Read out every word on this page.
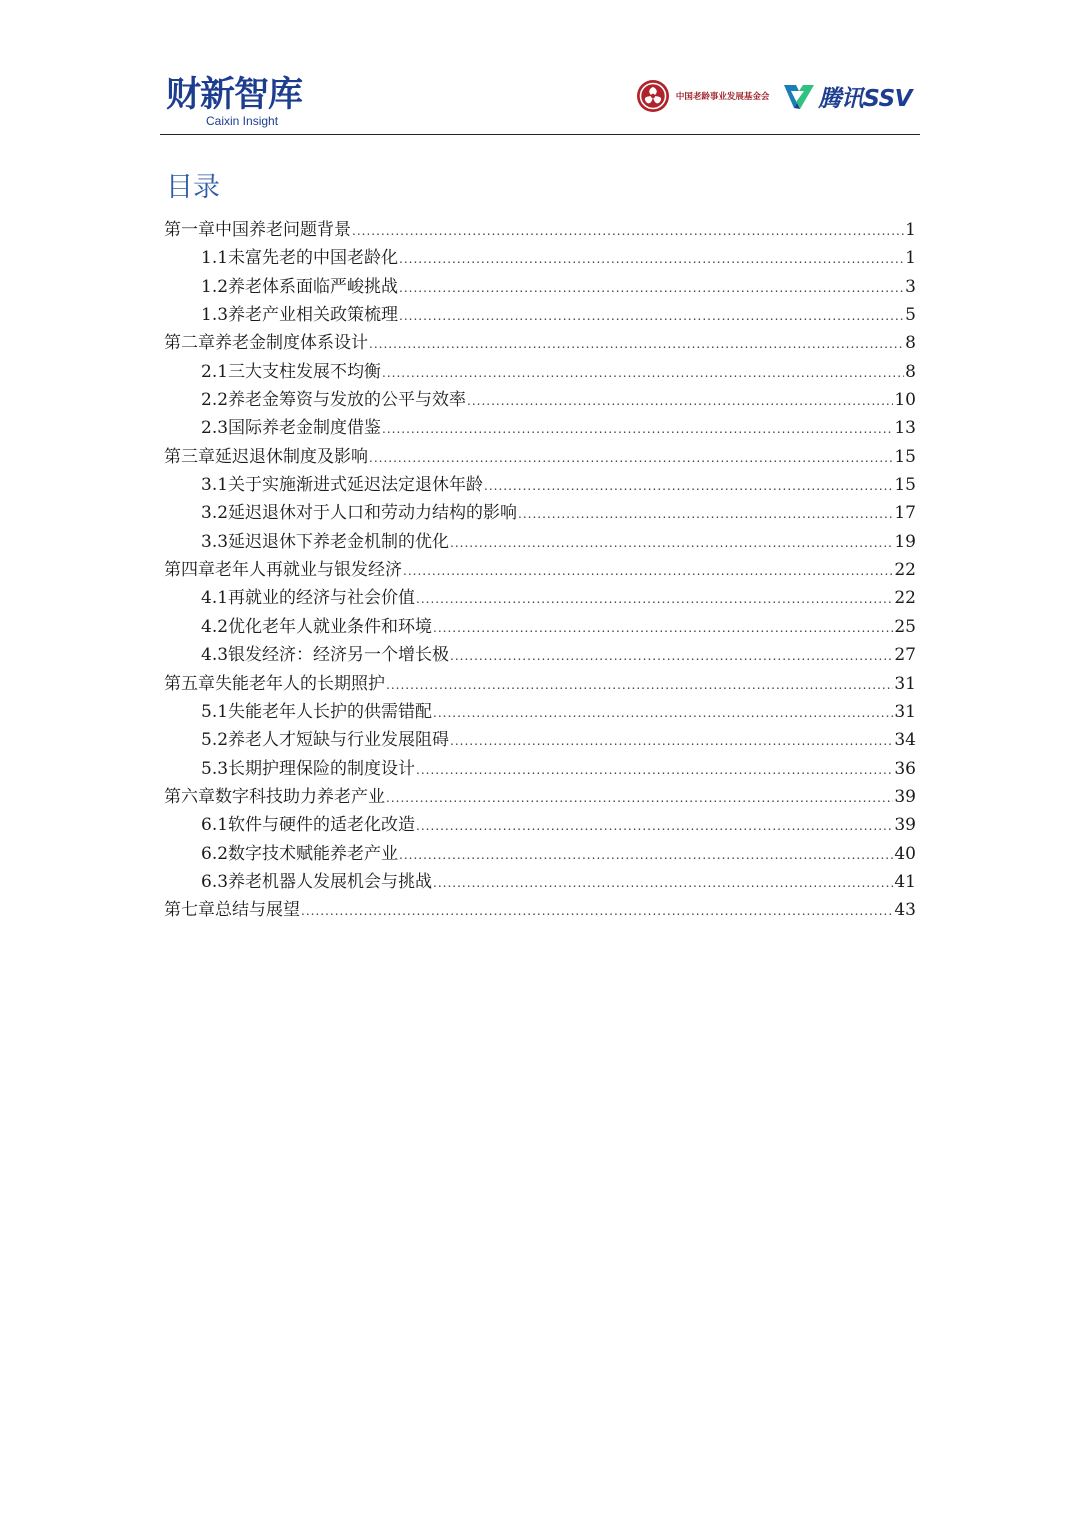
财新智库
Caixin Insight
中国老龄事业发展基金会 腾讯SSV
目录
第一章 中国养老问题背景 .....	1
1.1 未富先老的中国老龄化 .....	1
1.2 养老体系面临严峻挑战 .....	3
1.3 养老产业相关政策梳理 .....	5
第二章 养老金制度体系设计 .....	8
2.1 三大支柱发展不均衡 .....	8
2.2 养老金筹资与发放的公平与效率 .....	10
2.3 国际养老金制度借鉴 .....	13
第三章 延迟退休制度及影响 .....	15
3.1 关于实施渐进式延迟法定退休年龄 .....	15
3.2 延迟退休对于人口和劳动力结构的影响 .....	17
3.3 延迟退休下养老金机制的优化 .....	19
第四章 老年人再就业与银发经济 .....	22
4.1 再就业的经济与社会价值 .....	22
4.2 优化老年人就业条件和环境 .....	25
4.3 银发经济：经济另一个增长极 .....	27
第五章 失能老年人的长期照护 .....	31
5.1 失能老年人长护的供需错配 .....	31
5.2 养老人才短缺与行业发展阻碍 .....	34
5.3 长期护理保险的制度设计 .....	36
第六章 数字科技助力养老产业 .....	39
6.1 软件与硬件的适老化改造 .....	39
6.2 数字技术赋能养老产业 .....	40
6.3 养老机器人发展机会与挑战 .....	41
第七章 总结与展望 .....	43
